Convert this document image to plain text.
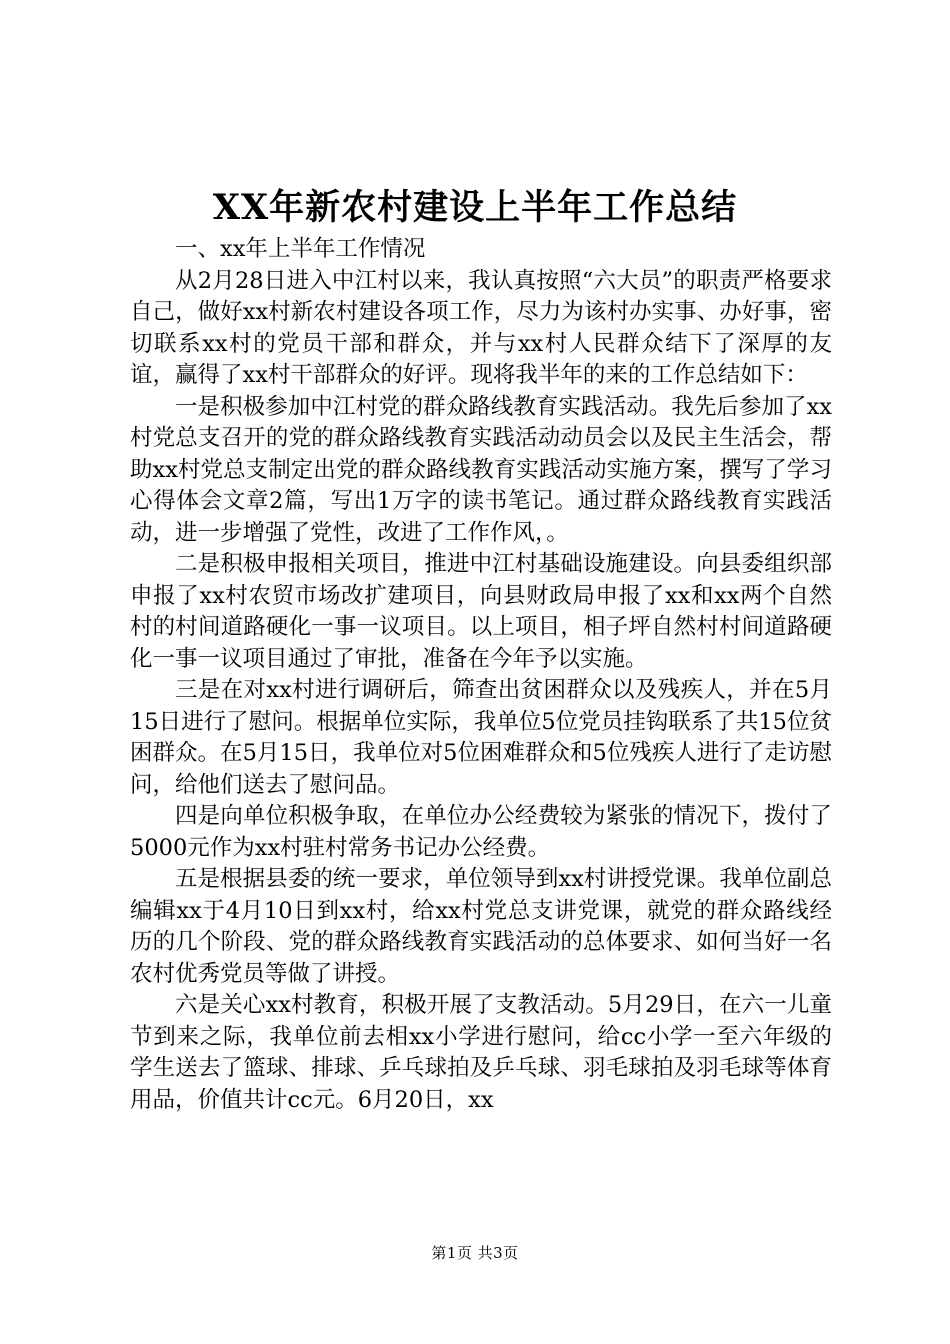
XX年新农村建设上半年工作总结

一、xx年上半年工作情况

从2月28日进入中江村以来，我认真按照“六大员”的职责严格要求自己，做好xx村新农村建设各项工作，尽力为该村办实事、办好事，密切联系xx村的党员干部和群众，并与xx村人民群众结下了深厚的友谊，赢得了xx村干部群众的好评。现将我半年的来的工作总结如下：

一是积极参加中江村党的群众路线教育实践活动。我先后参加了xx村党总支召开的党的群众路线教育实践活动动员会以及民主生活会，帮助xx村党总支制定出党的群众路线教育实践活动实施方案，撰写了学习心得体会文章2篇，写出1万字的读书笔记。通过群众路线教育实践活动，进一步增强了党性，改进了工作作风，。

二是积极申报相关项目，推进中江村基础设施建设。向县委组织部申报了xx村农贸市场改扩建项目，向县财政局申报了xx和xx两个自然村的村间道路硬化一事一议项目。以上项目，相子坪自然村村间道路硬化一事一议项目通过了审批，准备在今年予以实施。

三是在对xx村进行调研后，筛查出贫困群众以及残疾人，并在5月15日进行了慰问。根据单位实际，我单位5位党员挂钩联系了共15位贫困群众。在5月15日，我单位对5位困难群众和5位残疾人进行了走访慰问，给他们送去了慰问品。

四是向单位积极争取，在单位办公经费较为紧张的情况下，拨付了5000元作为xx村驻村常务书记办公经费。

五是根据县委的统一要求，单位领导到xx村讲授党课。我单位副总编辑xx于4月10日到xx村，给xx村党总支讲党课，就党的群众路线经历的几个阶段、党的群众路线教育实践活动的总体要求、如何当好一名农村优秀党员等做了讲授。

六是关心xx村教育，积极开展了支教活动。5月29日，在六一儿童节到来之际，我单位前去相xx小学进行慰问，给cc小学一至六年级的学生送去了篮球、排球、乒乓球拍及乒乓球、羽毛球拍及羽毛球等体育用品，价值共计cc元。6月20日，xx

第1页 共3页
